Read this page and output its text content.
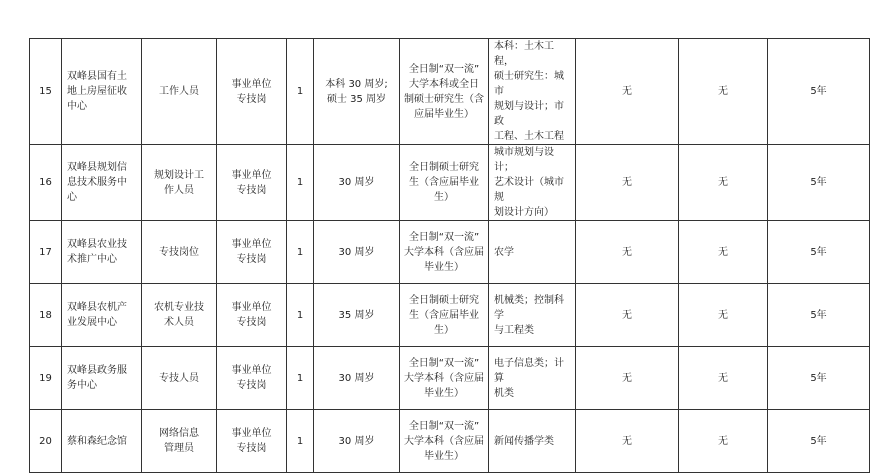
15	双峰县国有土
地上房屋征收
中心	工作人员	事业单位
专技岗	1	本科 30 周岁;
硕士 35 周岁	全日制“双一流”
大学本科或全日
制硕士研究生（含
应届毕业生）	本科：土木工程，
硕士研究生：城市
规划与设计；市政
工程、土木工程	无	无	5年
16	双峰县规划信
息技术服务中
心	规划设计工
作人员	事业单位
专技岗	1	30 周岁	全日制硕士研究
生（含应届毕业
生）	城市规划与设计；
艺术设计（城市规
划设计方向）	无	无	5年
17	双峰县农业技
术推广中心	专技岗位	事业单位
专技岗	1	30 周岁	全日制“双一流”
大学本科（含应届
毕业生）	农学	无	无	5年
18	双峰县农机产
业发展中心	农机专业技
术人员	事业单位
专技岗	1	35 周岁	全日制硕士研究
生（含应届毕业
生）	机械类；控制科学
与工程类	无	无	5年
19	双峰县政务服
务中心	专技人员	事业单位
专技岗	1	30 周岁	全日制“双一流”
大学本科（含应届
毕业生）	电子信息类；计算
机类	无	无	5年
20	蔡和森纪念馆	网络信息
管理员	事业单位
专技岗	1	30 周岁	全日制“双一流”
大学本科（含应届
毕业生）	新闻传播学类	无	无	5年
